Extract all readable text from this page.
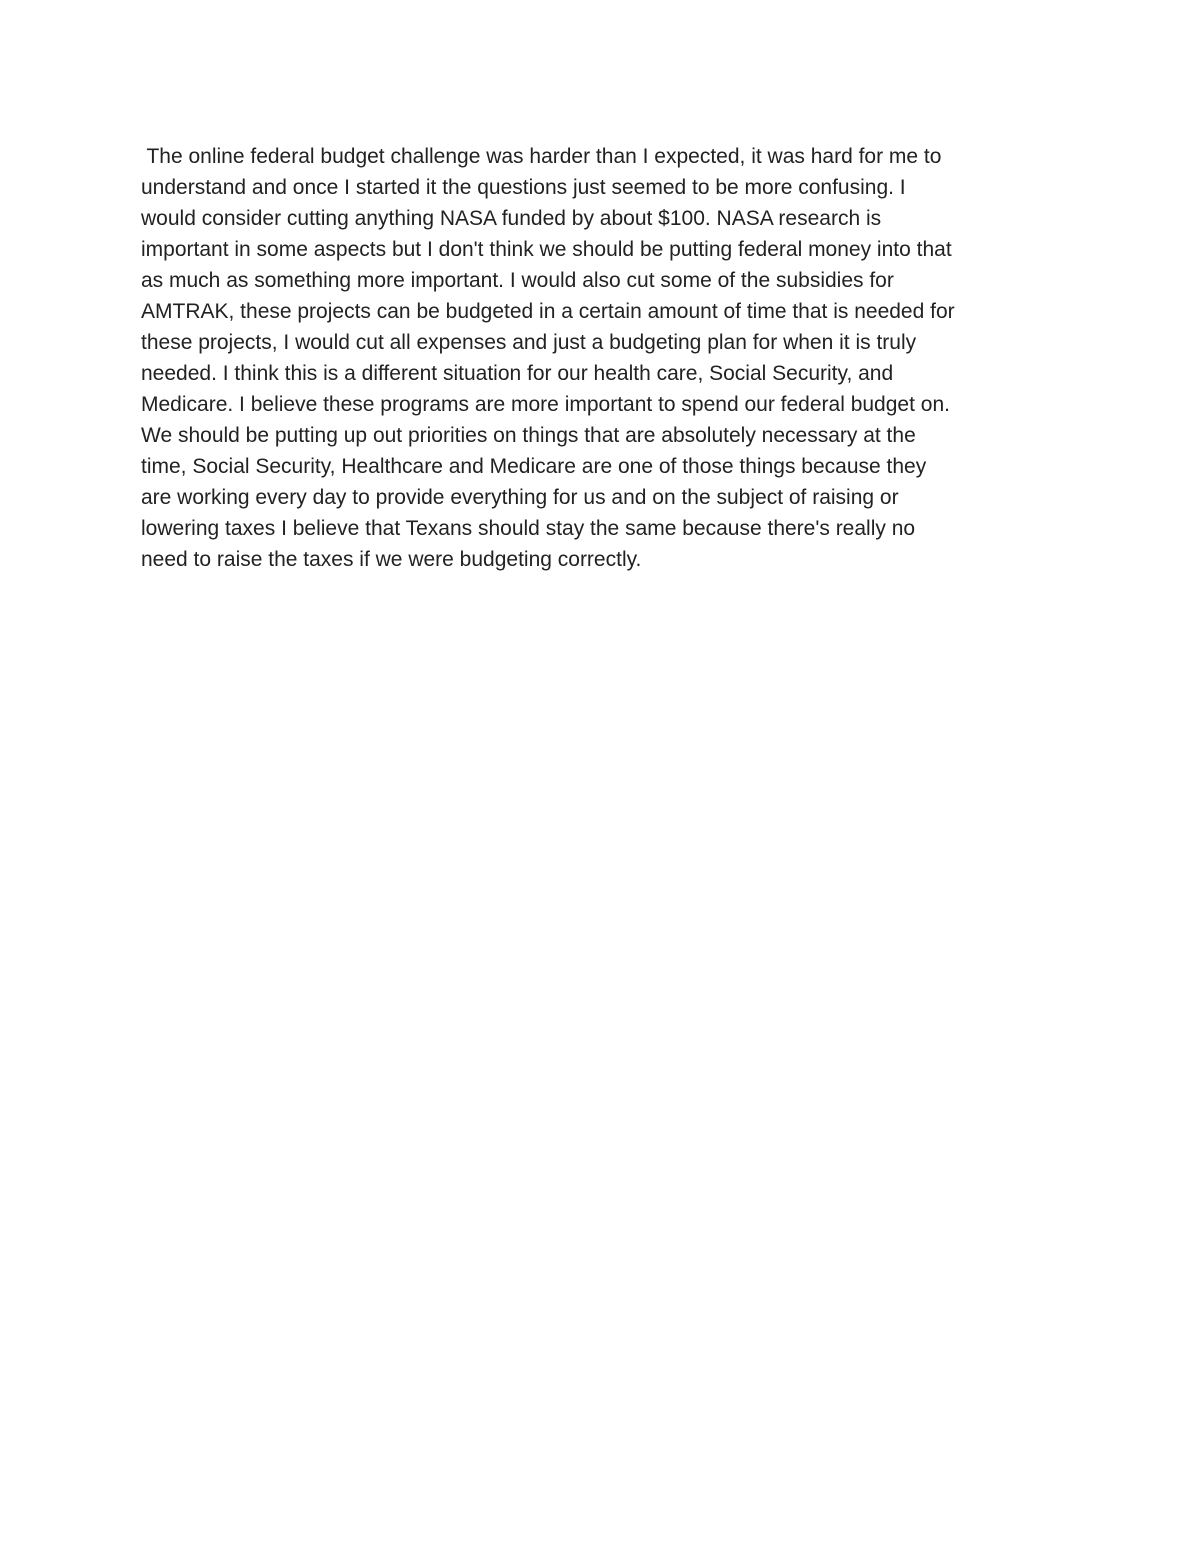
The online federal budget challenge was harder than I expected, it was hard for me to
understand and once I started it the questions just seemed to be more confusing. I
would consider cutting anything NASA funded by about $100. NASA research is
important in some aspects but I don't think we should be putting federal money into that
as much as something more important. I would also cut some of the subsidies for
AMTRAK, these projects can be budgeted in a certain amount of time that is needed for
these projects, I would cut all expenses and just a budgeting plan for when it is truly
needed. I think this is a different situation for our health care, Social Security, and
Medicare. I believe these programs are more important to spend our federal budget on.
We should be putting up out priorities on things that are absolutely necessary at the
time, Social Security, Healthcare and Medicare are one of those things because they
are working every day to provide everything for us and on the subject of raising or
lowering taxes I believe that Texans should stay the same because there's really no
need to raise the taxes if we were budgeting correctly.
